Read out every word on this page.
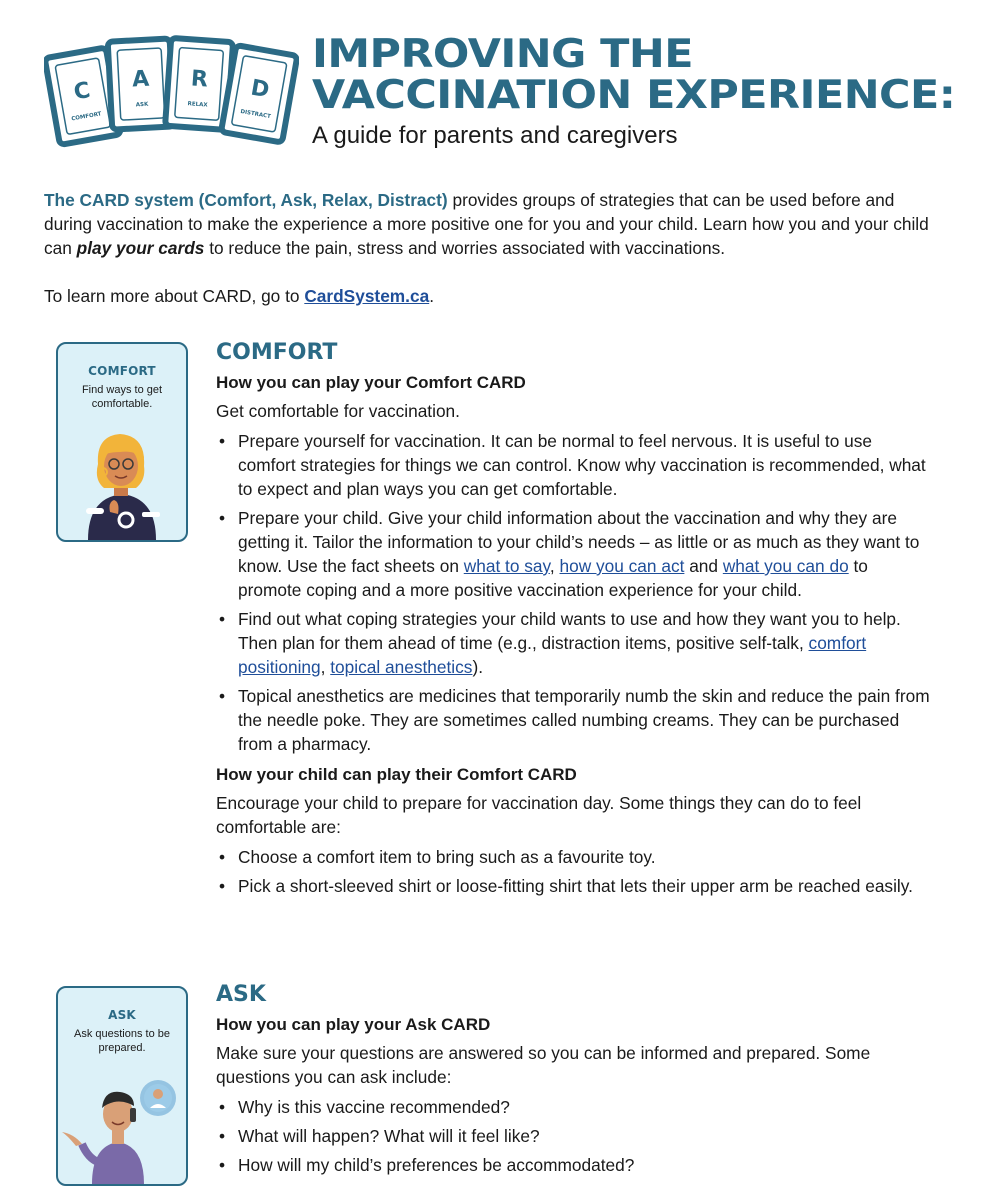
C
COMFORT
A
ASK
R
RELAX
D
DISTRACT
IMPROVING THE
VACCINATION EXPERIENCE:
A guide for parents and caregivers

The CARD system (Comfort, Ask, Relax, Distract) provides groups of strategies that can be used before and during vaccination to make the experience a more positive one for you and your child. Learn how you and your child can play your cards to reduce the pain, stress and worries associated with vaccinations.

To learn more about CARD, go to CardSystem.ca.

COMFORT
Find ways to get comfortable.
COMFORT
How you can play your Comfort CARD
Get comfortable for vaccination.
• Prepare yourself for vaccination. It can be normal to feel nervous. It is useful to use comfort strategies for things we can control. Know why vaccination is recommended, what to expect and plan ways you can get comfortable.
• Prepare your child. Give your child information about the vaccination and why they are getting it. Tailor the information to your child’s needs – as little or as much as they want to know. Use the fact sheets on what to say, how you can act and what you can do to promote coping and a more positive vaccination experience for your child.
• Find out what coping strategies your child wants to use and how they want you to help. Then plan for them ahead of time (e.g., distraction items, positive self-talk, comfort positioning, topical anesthetics).
• Topical anesthetics are medicines that temporarily numb the skin and reduce the pain from the needle poke. They are sometimes called numbing creams. They can be purchased from a pharmacy.
How your child can play their Comfort CARD
Encourage your child to prepare for vaccination day. Some things they can do to feel comfortable are:
• Choose a comfort item to bring such as a favourite toy.
• Pick a short-sleeved shirt or loose-fitting shirt that lets their upper arm be reached easily.
ASK
Ask questions to be prepared.
ASK
How you can play your Ask CARD
Make sure your questions are answered so you can be informed and prepared. Some questions you can ask include:
• Why is this vaccine recommended?
• What will happen? What will it feel like?
• How will my child’s preferences be accommodated?
